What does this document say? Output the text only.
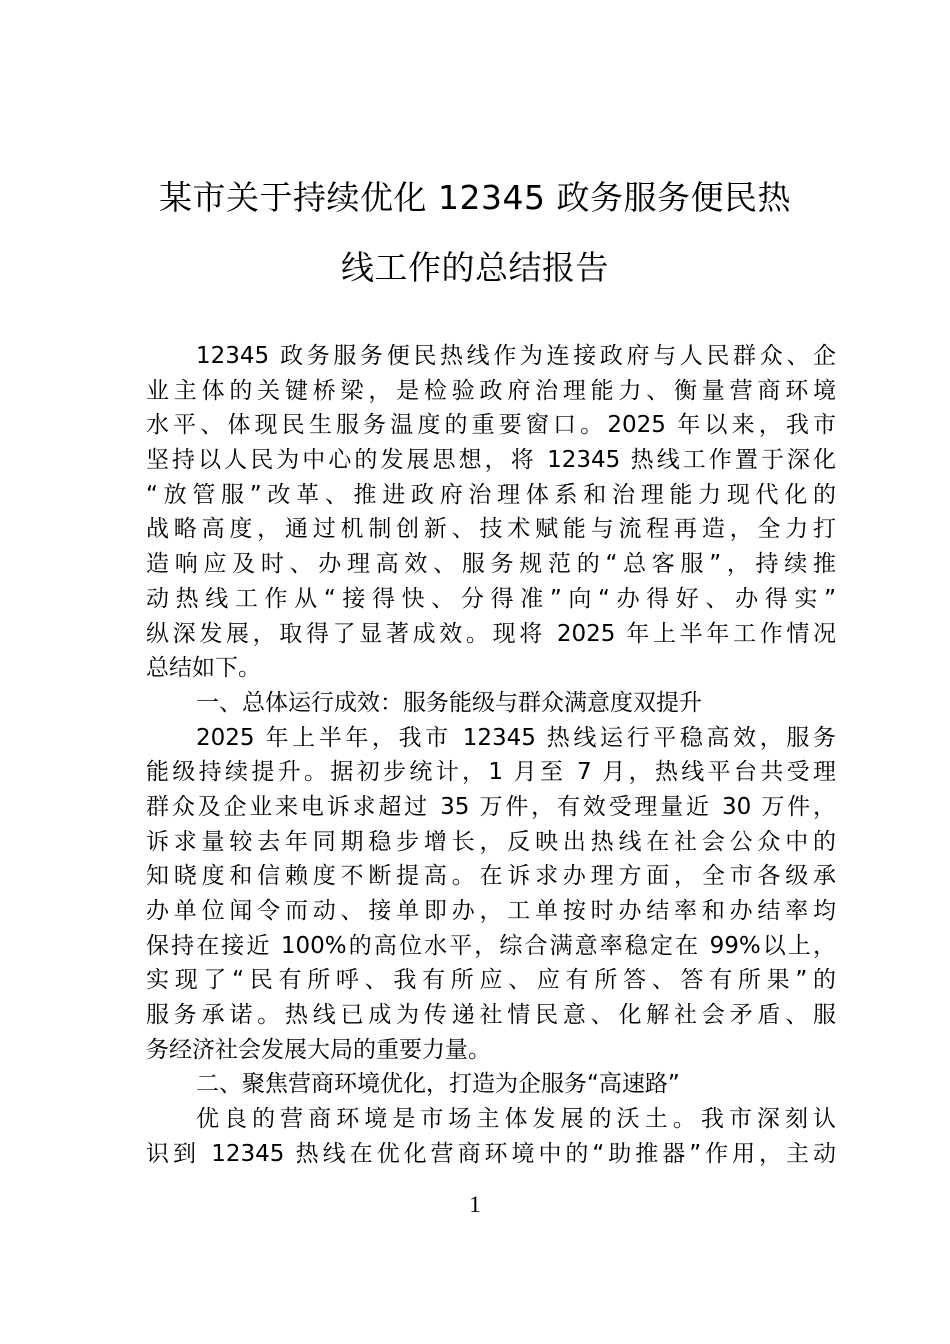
某市关于持续优化 12345 政务服务便民热
线工作的总结报告
12345 政务服务便民热线作为连接政府与人民群众、企
业主体的关键桥梁，是检验政府治理能力、衡量营商环境
水平、体现民生服务温度的重要窗口。2025 年以来，我市
坚持以人民为中心的发展思想，将 12345 热线工作置于深化
“放管服”改革、推进政府治理体系和治理能力现代化的
战略高度，通过机制创新、技术赋能与流程再造，全力打
造响应及时、办理高效、服务规范的“总客服”，持续推
动热线工作从“接得快、分得准”向“办得好、办得实”
纵深发展，取得了显著成效。现将 2025 年上半年工作情况
总结如下。
一、总体运行成效：服务能级与群众满意度双提升
2025 年上半年，我市 12345 热线运行平稳高效，服务
能级持续提升。据初步统计，1 月至 7 月，热线平台共受理
群众及企业来电诉求超过 35 万件，有效受理量近 30 万件，
诉求量较去年同期稳步增长，反映出热线在社会公众中的
知晓度和信赖度不断提高。在诉求办理方面，全市各级承
办单位闻令而动、接单即办，工单按时办结率和办结率均
保持在接近 100%的高位水平，综合满意率稳定在 99%以上，
实现了“民有所呼、我有所应、应有所答、答有所果”的
服务承诺。热线已成为传递社情民意、化解社会矛盾、服
务经济社会发展大局的重要力量。
二、聚焦营商环境优化，打造为企服务“高速路”
优良的营商环境是市场主体发展的沃土。我市深刻认
识到 12345 热线在优化营商环境中的“助推器”作用，主动
1
